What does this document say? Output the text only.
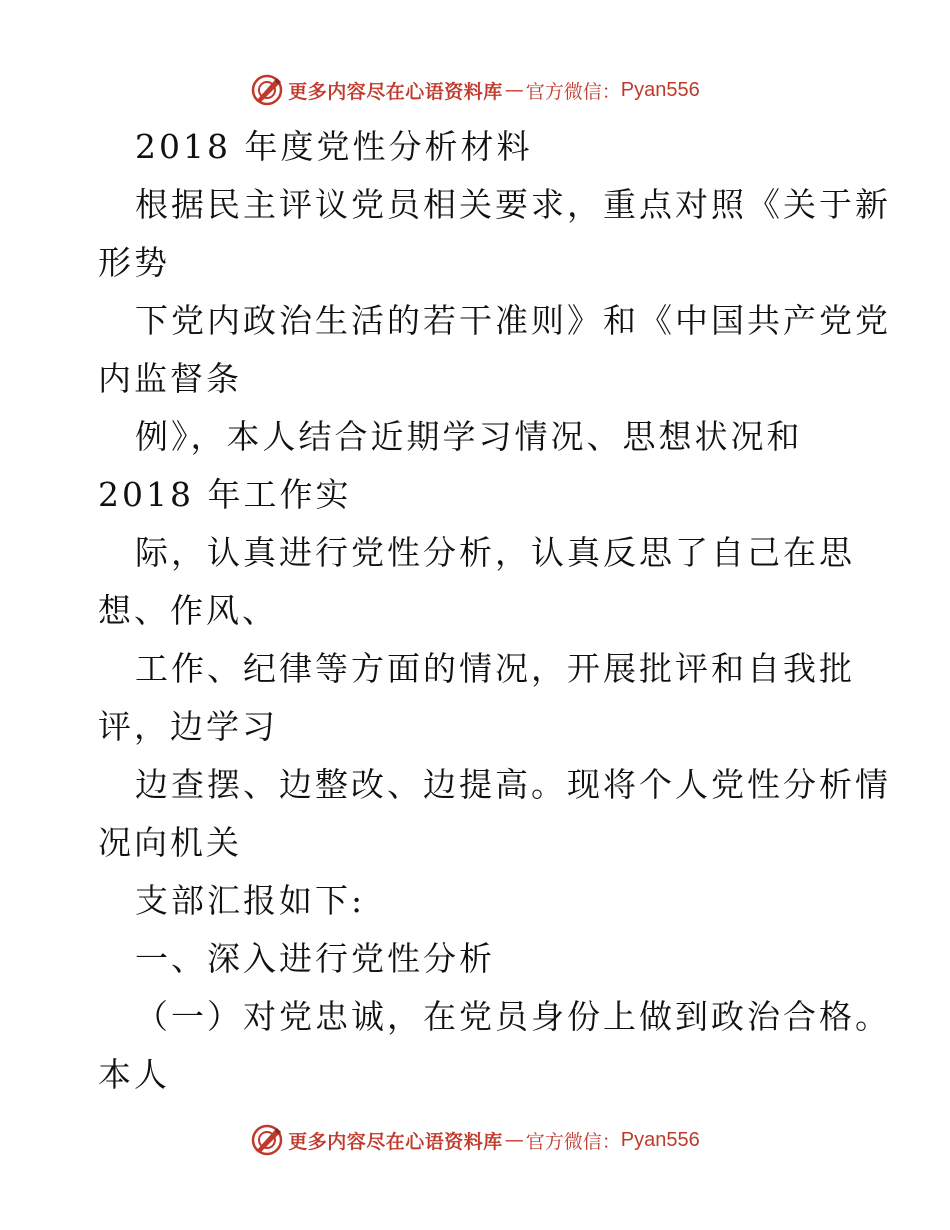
更多内容尽在心语资料库 — 官方微信： Pyan556
2018 年度党性分析材料
根据民主评议党员相关要求，重点对照《关于新
形势
下党内政治生活的若干准则》和《中国共产党党
内监督条
例》，本人结合近期学习情况、思想状况和
2018 年工作实
际，认真进行党性分析，认真反思了自己在思
想、作风、
工作、纪律等方面的情况，开展批评和自我批
评，边学习
边查摆、边整改、边提高。现将个人党性分析情
况向机关
支部汇报如下:
一、深入进行党性分析
（一）对党忠诚，在党员身份上做到政治合格。
本人
更多内容尽在心语资料库 — 官方微信： Pyan556
